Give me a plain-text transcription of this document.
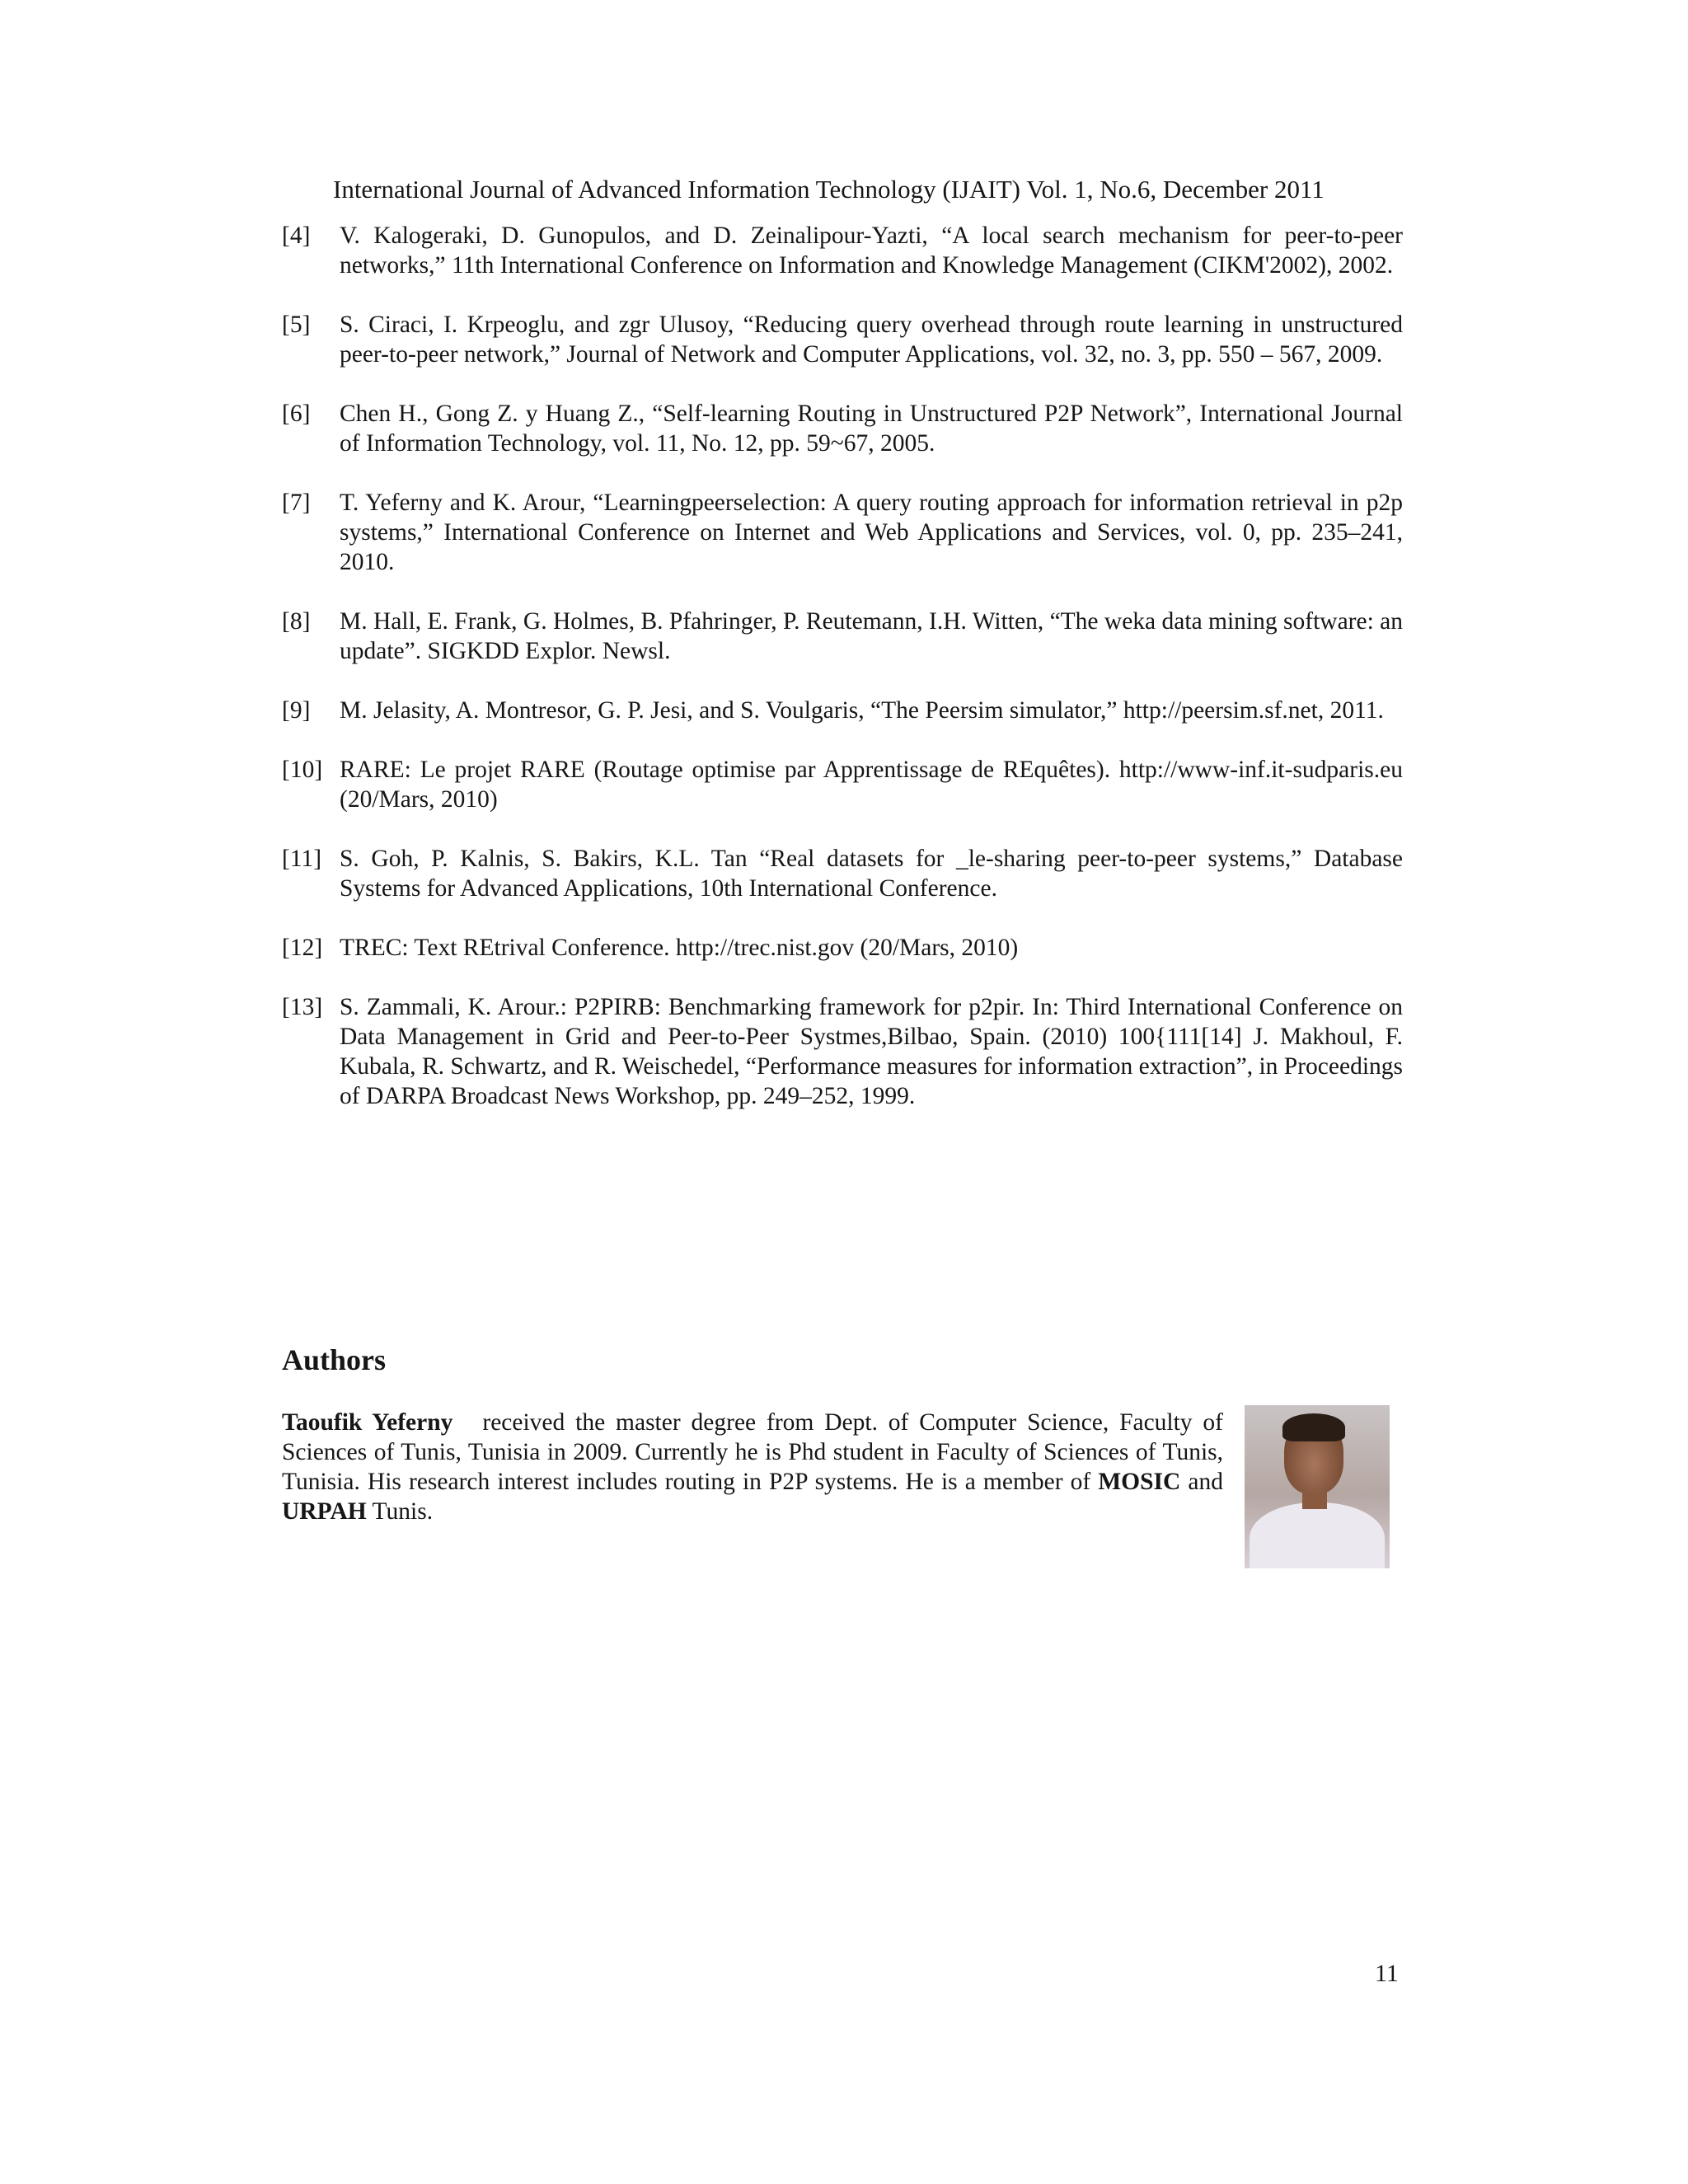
International Journal of Advanced Information Technology (IJAIT) Vol. 1, No.6, December 2011
[4]	V. Kalogeraki, D. Gunopulos, and D. Zeinalipour-Yazti, “A local search mechanism for peer-to-peer networks,” 11th International Conference on Information and Knowledge Management (CIKM'2002), 2002.
[5]	S. Ciraci, I. Krpeoglu, and zgr Ulusoy, “Reducing query overhead through route learning in unstructured peer-to-peer network,” Journal of Network and Computer Applications, vol. 32, no. 3, pp. 550 – 567, 2009.
[6]	Chen H., Gong Z. y Huang Z., “Self-learning Routing in Unstructured P2P Network”, International Journal of Information Technology, vol. 11, No. 12, pp. 59~67, 2005.
[7]	T. Yeferny and K. Arour, “Learningpeerselection: A query routing approach for information retrieval in p2p systems,” International Conference on Internet and Web Applications and Services, vol. 0, pp. 235–241, 2010.
[8]	M. Hall, E. Frank, G. Holmes, B. Pfahringer, P. Reutemann, I.H. Witten, “The weka data mining software: an update”. SIGKDD Explor. Newsl.
[9]	M. Jelasity, A. Montresor, G. P. Jesi, and S. Voulgaris, “The Peersim simulator,” http://peersim.sf.net, 2011.
[10] RARE: Le projet RARE (Routage optimise par Apprentissage de REquêtes). http://www-inf.it-sudparis.eu (20/Mars, 2010)
[11] S. Goh, P. Kalnis, S. Bakirs, K.L. Tan “Real datasets for _le-sharing peer-to-peer systems,” Database Systems for Advanced Applications, 10th International Conference.
[12] TREC: Text REtrival Conference. http://trec.nist.gov (20/Mars, 2010)
[13] S. Zammali, K. Arour.: P2PIRB: Benchmarking framework for p2pir. In: Third International Conference on Data Management in Grid and Peer-to-Peer Systmes,Bilbao, Spain. (2010) 100{111[14] J. Makhoul, F. Kubala, R. Schwartz, and R. Weischedel, “Performance measures for information extraction”, in Proceedings of DARPA Broadcast News Workshop, pp. 249–252, 1999.
Authors
Taoufik Yeferny received the master degree from Dept. of Computer Science, Faculty of Sciences of Tunis, Tunisia in 2009. Currently he is Phd student in Faculty of Sciences of Tunis, Tunisia. His research interest includes routing in P2P systems. He is a member of MOSIC and URPAH Tunis.
11
